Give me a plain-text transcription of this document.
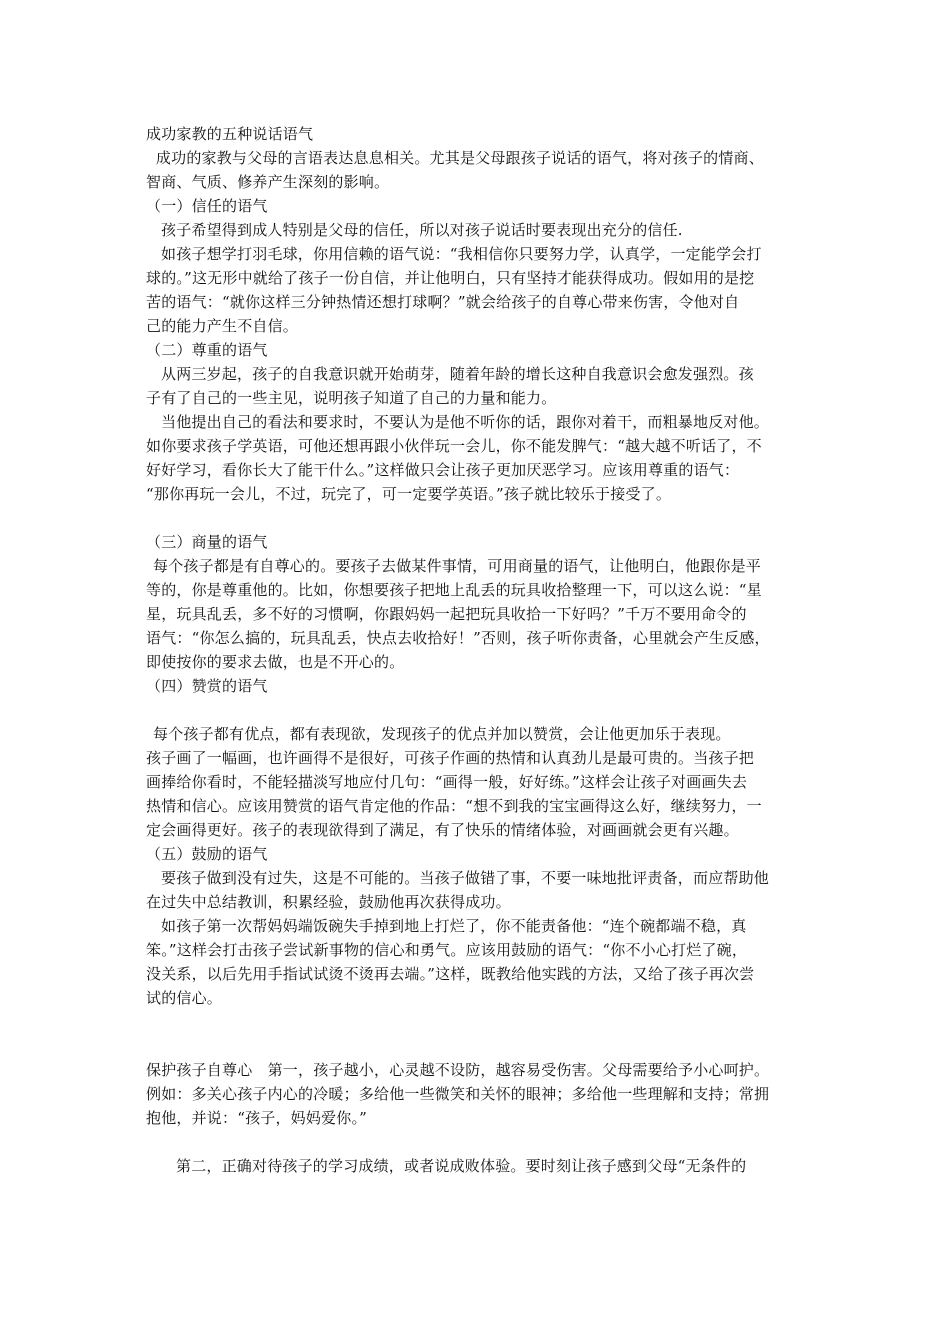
成功家教的五种说话语气

成功的家教与父母的言语表达息息相关。尤其是父母跟孩子说话的语气，将对孩子的情商、

智商、气质、修养产生深刻的影响。

（一）信任的语气

孩子希望得到成人特别是父母的信任，所以对孩子说话时要表现出充分的信任.

如孩子想学打羽毛球，你用信赖的语气说：“我相信你只要努力学，认真学，一定能学会打

球的。”这无形中就给了孩子一份自信，并让他明白，只有坚持才能获得成功。假如用的是挖

苦的语气：“就你这样三分钟热情还想打球啊？”就会给孩子的自尊心带来伤害，令他对自

己的能力产生不自信。

（二）尊重的语气

从两三岁起，孩子的自我意识就开始萌芽，随着年龄的增长这种自我意识会愈发强烈。孩

子有了自己的一些主见，说明孩子知道了自己的力量和能力。

当他提出自己的看法和要求时，不要认为是他不听你的话，跟你对着干，而粗暴地反对他。

如你要求孩子学英语，可他还想再跟小伙伴玩一会儿，你不能发脾气：“越大越不听话了，不

好好学习，看你长大了能干什么。”这样做只会让孩子更加厌恶学习。应该用尊重的语气：

“那你再玩一会儿，不过，玩完了，可一定要学英语。”孩子就比较乐于接受了。

（三）商量的语气

每个孩子都是有自尊心的。要孩子去做某件事情，可用商量的语气，让他明白，他跟你是平

等的，你是尊重他的。比如，你想要孩子把地上乱丢的玩具收拾整理一下，可以这么说：“星

星，玩具乱丢，多不好的习惯啊，你跟妈妈一起把玩具收拾一下好吗？”千万不要用命令的

语气：“你怎么搞的，玩具乱丢，快点去收拾好！”否则，孩子听你责备，心里就会产生反感，

即使按你的要求去做，也是不开心的。

（四）赞赏的语气

每个孩子都有优点，都有表现欲，发现孩子的优点并加以赞赏，会让他更加乐于表现。

孩子画了一幅画，也许画得不是很好，可孩子作画的热情和认真劲儿是最可贵的。当孩子把

画捧给你看时，不能轻描淡写地应付几句：“画得一般，好好练。”这样会让孩子对画画失去

热情和信心。应该用赞赏的语气肯定他的作品：“想不到我的宝宝画得这么好，继续努力，一

定会画得更好。孩子的表现欲得到了满足，有了快乐的情绪体验，对画画就会更有兴趣。

（五）鼓励的语气

要孩子做到没有过失，这是不可能的。当孩子做错了事，不要一味地批评责备，而应帮助他

在过失中总结教训，积累经验，鼓励他再次获得成功。

如孩子第一次帮妈妈端饭碗失手掉到地上打烂了，你不能责备他：“连个碗都端不稳，真

笨。”这样会打击孩子尝试新事物的信心和勇气。应该用鼓励的语气：“你不小心打烂了碗，

没关系，以后先用手指试试烫不烫再去端。”这样，既教给他实践的方法，又给了孩子再次尝

试的信心。

保护孩子自尊心　第一，孩子越小，心灵越不设防，越容易受伤害。父母需要给予小心呵护。

例如：多关心孩子内心的冷暖；多给他一些微笑和关怀的眼神；多给他一些理解和支持；常拥

抱他，并说：“孩子，妈妈爱你。”

第二，正确对待孩子的学习成绩，或者说成败体验。要时刻让孩子感到父母“无条件的
